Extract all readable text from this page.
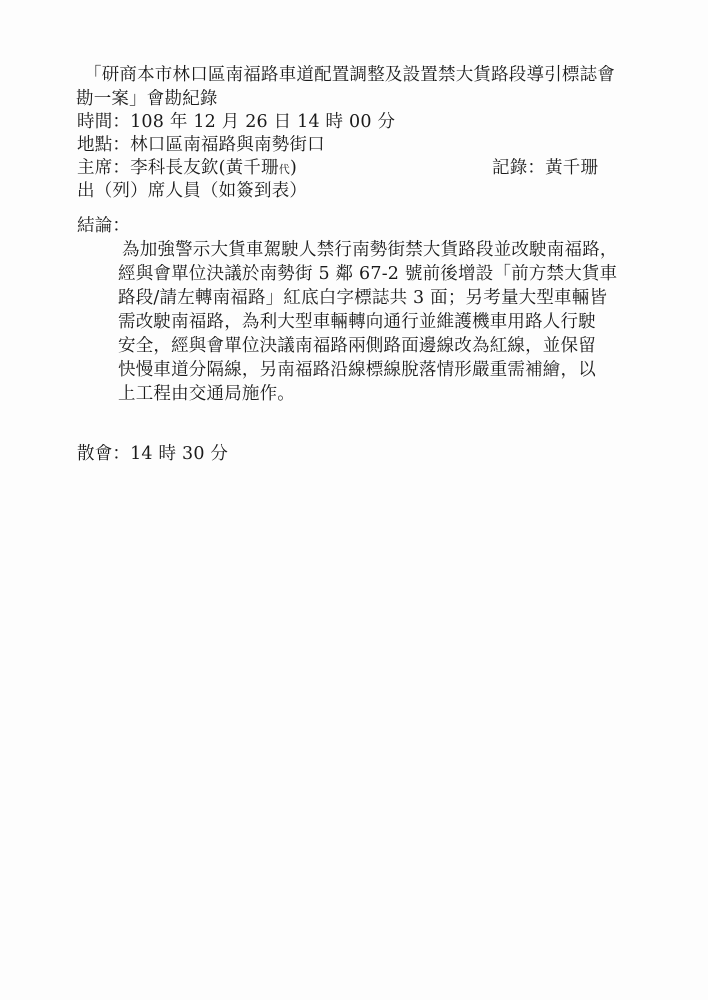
「研商本市林口區南福路車道配置調整及設置禁大貨路段導引標誌會
勘一案」會勘紀錄
時間：108 年 12 月 26 日 14 時 00 分
地點：林口區南福路與南勢街口
主席：李科長友欽(黃千珊代)	記錄：黃千珊
出（列）席人員（如簽到表）
結論：
為加強警示大貨車駕駛人禁行南勢街禁大貨路段並改駛南福路，
經與會單位決議於南勢街 5 鄰 67-2 號前後增設「前方禁大貨車
路段/請左轉南福路」紅底白字標誌共 3 面；另考量大型車輛皆
需改駛南福路，為利大型車輛轉向通行並維護機車用路人行駛
安全，經與會單位決議南福路兩側路面邊線改為紅線，並保留
快慢車道分隔線，另南福路沿線標線脫落情形嚴重需補繪，以
上工程由交通局施作。
散會：14 時 30 分
